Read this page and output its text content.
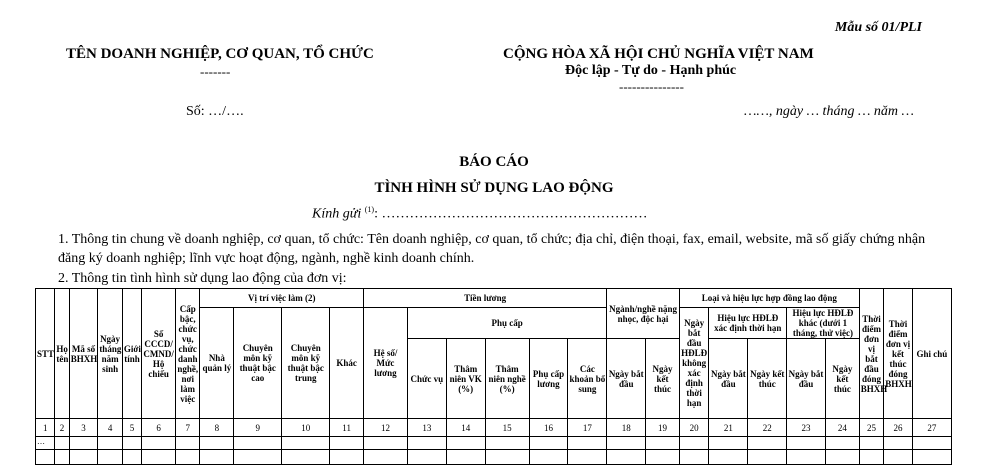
Mẫu số 01/PLI
TÊN DOANH NGHIỆP, CƠ QUAN, TỔ CHỨC
-------
CỘNG HÒA XÃ HỘI CHỦ NGHĨA VIỆT NAM
Độc lập - Tự do - Hạnh phúc
---------------
Số: …/….	……, ngày … tháng … năm …
BÁO CÁO
TÌNH HÌNH SỬ DỤNG LAO ĐỘNG
Kính gửi $^{(1)}$: …………………………………………………
1. Thông tin chung về doanh nghiệp, cơ quan, tổ chức: Tên doanh nghiệp, cơ quan, tổ chức; địa chỉ, điện thoại, fax, email, website, mã số giấy chứng nhận đăng ký doanh nghiệp; lĩnh vực hoạt động, ngành, nghề kinh doanh chính.
2. Thông tin tình hình sử dụng lao động của đơn vị:
STT	Họ tên	Mã số BHXH	Ngày tháng năm sinh	Giới tính	Số CCCD/ CMND/ Hộ chiếu	Cấp bậc, chức vụ, chức danh nghề, nơi làm việc	Vị trí việc làm (2)				Tiền lương						Ngành/nghề nặng nhọc, độc hại		Loại và hiệu lực hợp đồng lao động					Thời điểm đơn vị bắt đầu đóng BHXH	Thời điểm đơn vị kết thúc đóng BHXH	Ghi chú
							Nhà quản lý	Chuyên môn kỹ thuật bậc cao	Chuyên môn kỹ thuật bậc trung	Khác	Hệ số/ Mức lương	Phụ cấp							Ngày bắt đầu HĐLĐ không xác định thời hạn	Hiệu lực HĐLĐ xác định thời hạn		Hiệu lực HĐLĐ khác (dưới 1 tháng, thử việc)				
												Chức vụ	Thâm niên VK (%)	Thâm niên nghề (%)	Phụ cấp lương	Các khoản bổ sung	Ngày bắt đầu	Ngày kết thúc		Ngày bắt đầu	Ngày kết thúc	Ngày bắt đầu	Ngày kết thúc			
1	2	3	4	5	6	7	8	9	10	11	12	13	14	15	16	17	18	19	20	21	22	23	24	25	26	27
…																										
